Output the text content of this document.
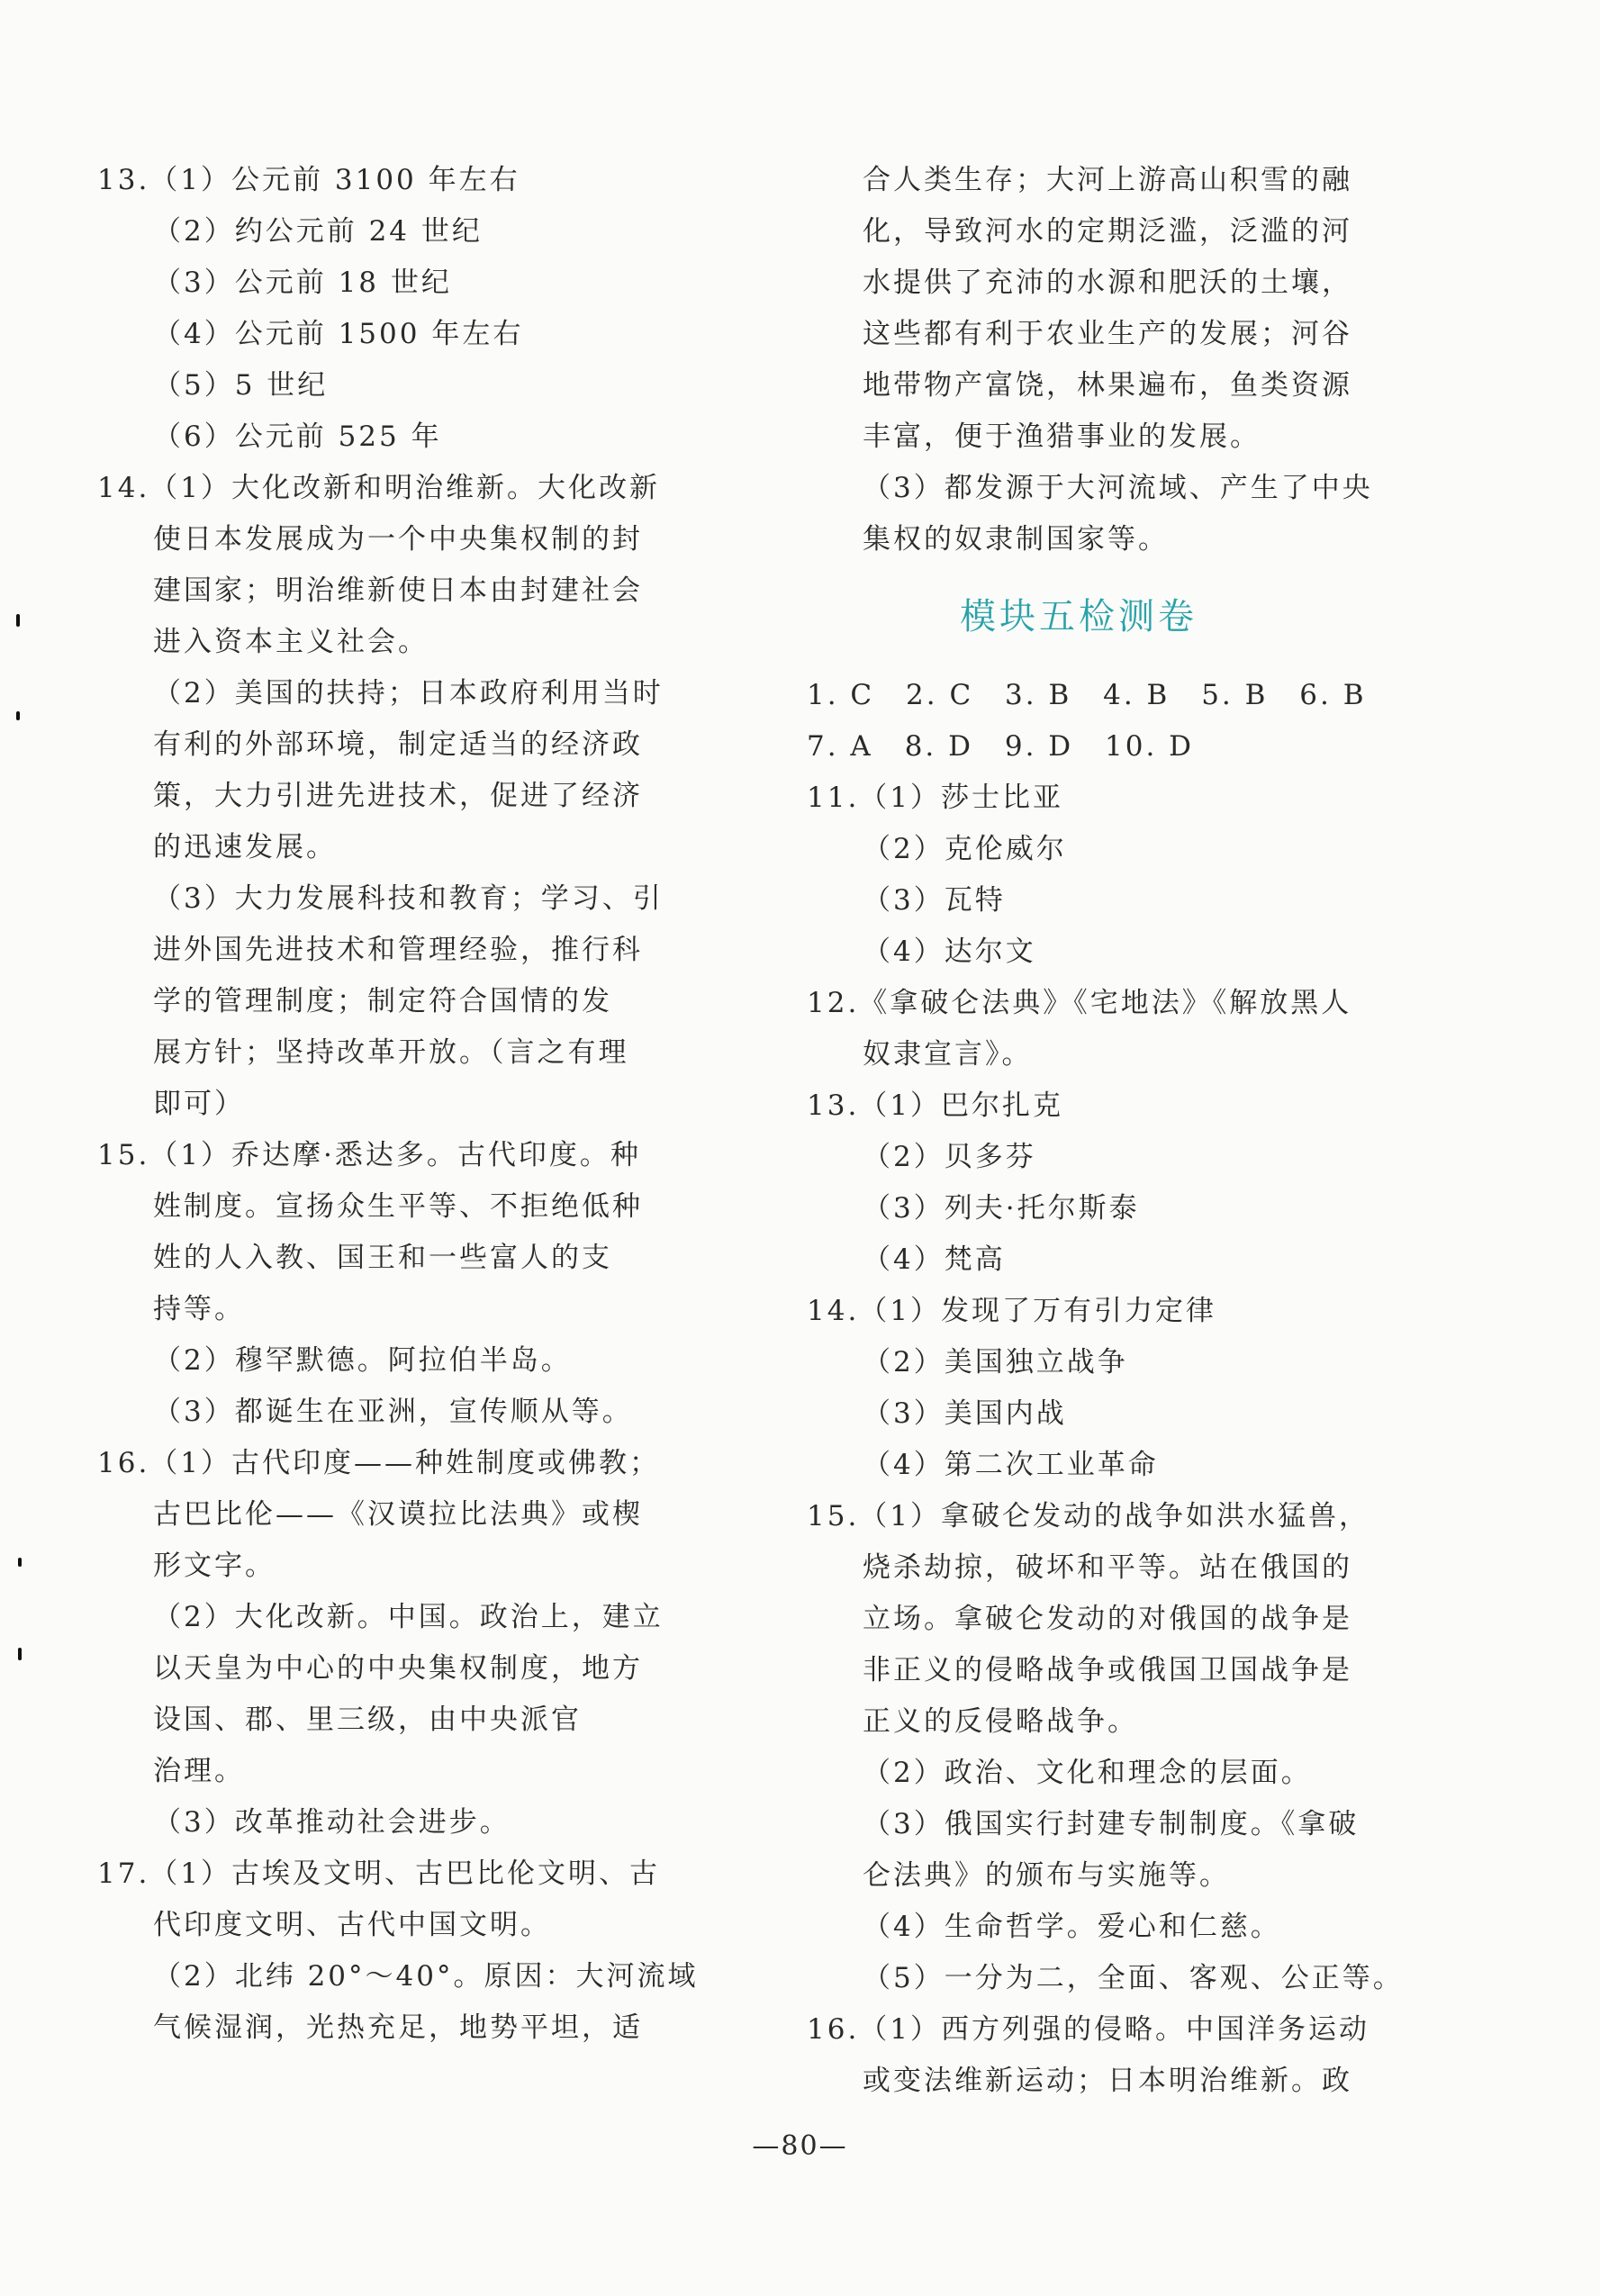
13.（1）公元前 3100 年左右
（2）约公元前 24 世纪
（3）公元前 18 世纪
（4）公元前 1500 年左右
（5）5 世纪
（6）公元前 525 年
14.（1）大化改新和明治维新。大化改新
使日本发展成为一个中央集权制的封
建国家；明治维新使日本由封建社会
进入资本主义社会。
（2）美国的扶持；日本政府利用当时
有利的外部环境，制定适当的经济政
策，大力引进先进技术，促进了经济
的迅速发展。
（3）大力发展科技和教育；学习、引
进外国先进技术和管理经验，推行科
学的管理制度；制定符合国情的发
展方针；坚持改革开放。（言之有理
即可）
15.（1）乔达摩·悉达多。古代印度。种
姓制度。宣扬众生平等、不拒绝低种
姓的人入教、国王和一些富人的支
持等。
（2）穆罕默德。阿拉伯半岛。
（3）都诞生在亚洲，宣传顺从等。
16.（1）古代印度——种姓制度或佛教；
古巴比伦——《汉谟拉比法典》或楔
形文字。
（2）大化改新。中国。政治上，建立
以天皇为中心的中央集权制度，地方
设国、郡、里三级，由中央派官
治理。
（3）改革推动社会进步。
17.（1）古埃及文明、古巴比伦文明、古
代印度文明、古代中国文明。
（2）北纬 20°～40°。原因：大河流域
气候湿润，光热充足，地势平坦，适
合人类生存；大河上游高山积雪的融
化，导致河水的定期泛滥，泛滥的河
水提供了充沛的水源和肥沃的土壤，
这些都有利于农业生产的发展；河谷
地带物产富饶，林果遍布，鱼类资源
丰富，便于渔猎事业的发展。
（3）都发源于大河流域、产生了中央
集权的奴隶制国家等。
模块五检测卷
1. C 2. C 3. B 4. B 5. B 6. B
7. A 8. D 9. D 10. D
11.（1）莎士比亚
（2）克伦威尔
（3）瓦特
（4）达尔文
12.《拿破仑法典》《宅地法》《解放黑人
奴隶宣言》。
13.（1）巴尔扎克
（2）贝多芬
（3）列夫·托尔斯泰
（4）梵高
14.（1）发现了万有引力定律
（2）美国独立战争
（3）美国内战
（4）第二次工业革命
15.（1）拿破仑发动的战争如洪水猛兽，
烧杀劫掠，破坏和平等。站在俄国的
立场。拿破仑发动的对俄国的战争是
非正义的侵略战争或俄国卫国战争是
正义的反侵略战争。
（2）政治、文化和理念的层面。
（3）俄国实行封建专制制度。《拿破
仑法典》的颁布与实施等。
（4）生命哲学。爱心和仁慈。
（5）一分为二，全面、客观、公正等。
16.（1）西方列强的侵略。中国洋务运动
或变法维新运动；日本明治维新。政
—80—
